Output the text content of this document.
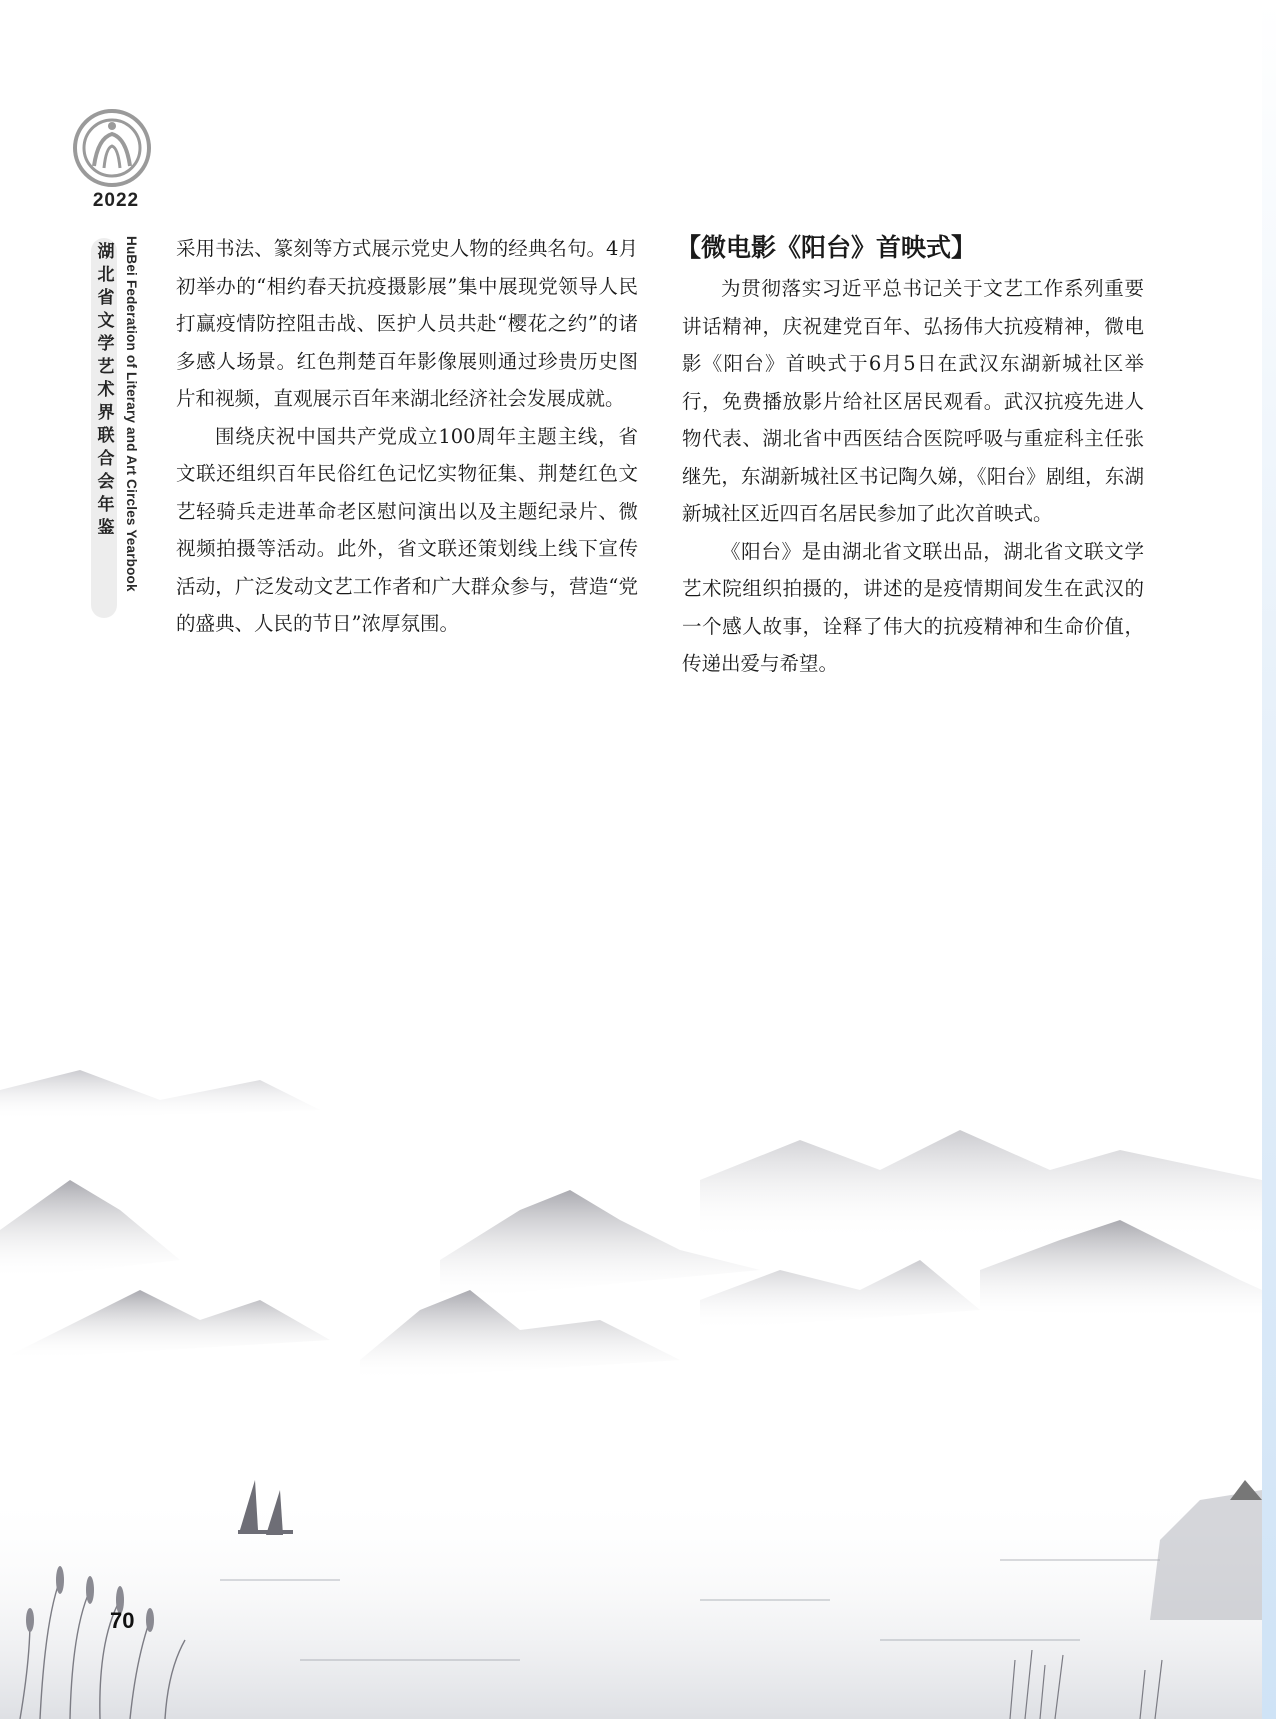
2022
湖北省文学艺术界联合会年鉴 HuBei Federation of Literary and Art Circles Yearbook 采用书法、篆刻等方式展示党史人物的经典名句。4月初举办的“相约春天抗疫摄影展”集中展现党领导人民打赢疫情防控阻击战、医护人员共赴“樱花之约”的诸多感人场景。红色荆楚百年影像展则通过珍贵历史图片和视频，直观展示百年来湖北经济社会发展成就。

围绕庆祝中国共产党成立100周年主题主线，省文联还组织百年民俗红色记忆实物征集、荆楚红色文艺轻骑兵走进革命老区慰问演出以及主题纪录片、微视频拍摄等活动。此外，省文联还策划线上线下宣传活动，广泛发动文艺工作者和广大群众参与，营造“党的盛典、人民的节日”浓厚氛围。

【微电影《阳台》首映式】

为贯彻落实习近平总书记关于文艺工作系列重要讲话精神，庆祝建党百年、弘扬伟大抗疫精神，微电影《阳台》首映式于6月5日在武汉东湖新城社区举行，免费播放影片给社区居民观看。武汉抗疫先进人物代表、湖北省中西医结合医院呼吸与重症科主任张继先，东湖新城社区书记陶久娣，《阳台》剧组，东湖新城社区近四百名居民参加了此次首映式。

《阳台》是由湖北省文联出品，湖北省文联文学艺术院组织拍摄的，讲述的是疫情期间发生在武汉的一个感人故事，诠释了伟大的抗疫精神和生命价值，传递出爱与希望。

70
